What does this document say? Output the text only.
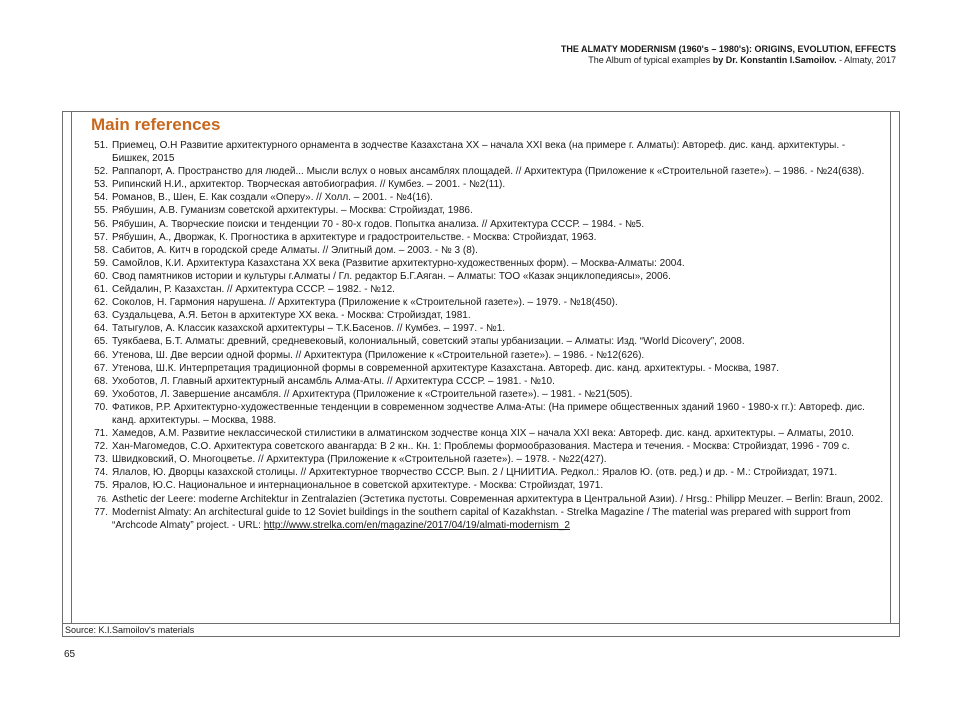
THE ALMATY MODERNISM (1960's – 1980's): ORIGINS, EVOLUTION, EFFECTS
The Album of typical examples by Dr. Konstantin I.Samoilov. - Almaty, 2017
Main references
51. Приемец, О.Н Развитие архитектурного орнамента в зодчестве Казахстана XX – начала XXI века (на примере г. Алматы): Автореф. дис. канд. архитектуры. - Бишкек, 2015
52. Раппапорт, А. Пространство для людей... Мысли вслух о новых ансамблях площадей. // Архитектура (Приложение к «Строительной газете»). – 1986. - №24(638).
53. Рипинский Н.И., архитектор. Творческая автобиография. // Кумбез. – 2001. - №2(11).
54. Романов, В., Шен, Е. Как создали «Оперу». // Холл. – 2001. - №4(16).
55. Рябушин, А.В. Гуманизм советской архитектуры. – Москва: Стройиздат, 1986.
56. Рябушин, А. Творческие поиски и тенденции 70 - 80-х годов. Попытка анализа. // Архитектура СССР. – 1984. - №5.
57. Рябушин, А., Дворжак, К. Прогностика в архитектуре и градостроительстве. - Москва: Стройиздат, 1963.
58. Сабитов, А. Китч в городской среде Алматы. // Элитный дом. – 2003. - № 3 (8).
59. Самойлов, К.И. Архитектура Казахстана XX века (Развитие архитектурно-художественных форм). – Москва-Алматы: 2004.
60. Свод памятников истории и культуры г.Алматы / Гл. редактор Б.Г.Аяган. – Алматы: ТОО «Казак энциклопедиясы», 2006.
61. Сейдалин, Р. Казахстан. // Архитектура СССР. – 1982. - №12.
62. Соколов, Н. Гармония нарушена. // Архитектура (Приложение к «Строительной газете»). – 1979. - №18(450).
63. Суздальцева, А.Я. Бетон в архитектуре XX века. - Москва: Стройиздат, 1981.
64. Татыгулов, А. Классик казахской архитектуры – Т.К.Басенов. // Кумбез. – 1997. - №1.
65. Туякбаева, Б.Т. Алматы: древний, средневековый, колониальный, советский этапы урбанизации. – Алматы: Изд. “World Dicovery”, 2008.
66. Утенова, Ш. Две версии одной формы. // Архитектура (Приложение к «Строительной газете»). – 1986. - №12(626).
67. Утенова, Ш.К. Интерпретация традиционной формы в современной архитектуре Казахстана. Автореф. дис. канд. архитектуры. - Москва, 1987.
68. Ухоботов, Л. Главный архитектурный ансамбль Алма-Аты. // Архитектура СССР. – 1981. - №10.
69. Ухоботов, Л. Завершение ансамбля. // Архитектура (Приложение к «Строительной газете»). – 1981. - №21(505).
70. Фатиков, Р.Р. Архитектурно-художественные тенденции в современном зодчестве Алма-Аты: (На примере общественных зданий 1960 - 1980-х гг.): Автореф. дис. канд. архитектуры. – Москва, 1988.
71. Хамедов, А.М. Развитие неклассической стилистики в алматинском зодчестве конца XIX – начала XXI века: Автореф. дис. канд. архитектуры. – Алматы, 2010.
72. Хан-Магомедов, С.О. Архитектура советского авангарда: В 2 кн.. Кн. 1: Проблемы формообразования. Мастера и течения. - Москва: Стройиздат, 1996 - 709 с.
73. Швидковский, О. Многоцветье. // Архитектура (Приложение к «Строительной газете»). – 1978. - №22(427).
74. Ялалов, Ю. Дворцы казахской столицы. // Архитектурное творчество СССР. Вып. 2 / ЦНИИТИА. Редкол.: Яралов Ю. (отв. ред.) и др. - М.: Стройиздат, 1971.
75. Яралов, Ю.С. Национальное и интернациональное в советской архитектуре. - Москва: Стройиздат, 1971.
76. Asthetic der Leere: moderne Architektur in Zentralazien (Эстетика пустоты. Современная архитектура в Центральной Азии). / Hrsg.: Philipp Meuzer. – Berlin: Braun, 2002.
77. Modernist Almaty: An architectural guide to 12 Soviet buildings in the southern capital of Kazakhstan. - Strelka Magazine / The material was prepared with support from “Archcode Almaty” project. - URL: http://www.strelka.com/en/magazine/2017/04/19/almati-modernism_2
Source: K.I.Samoilov's materials
65
